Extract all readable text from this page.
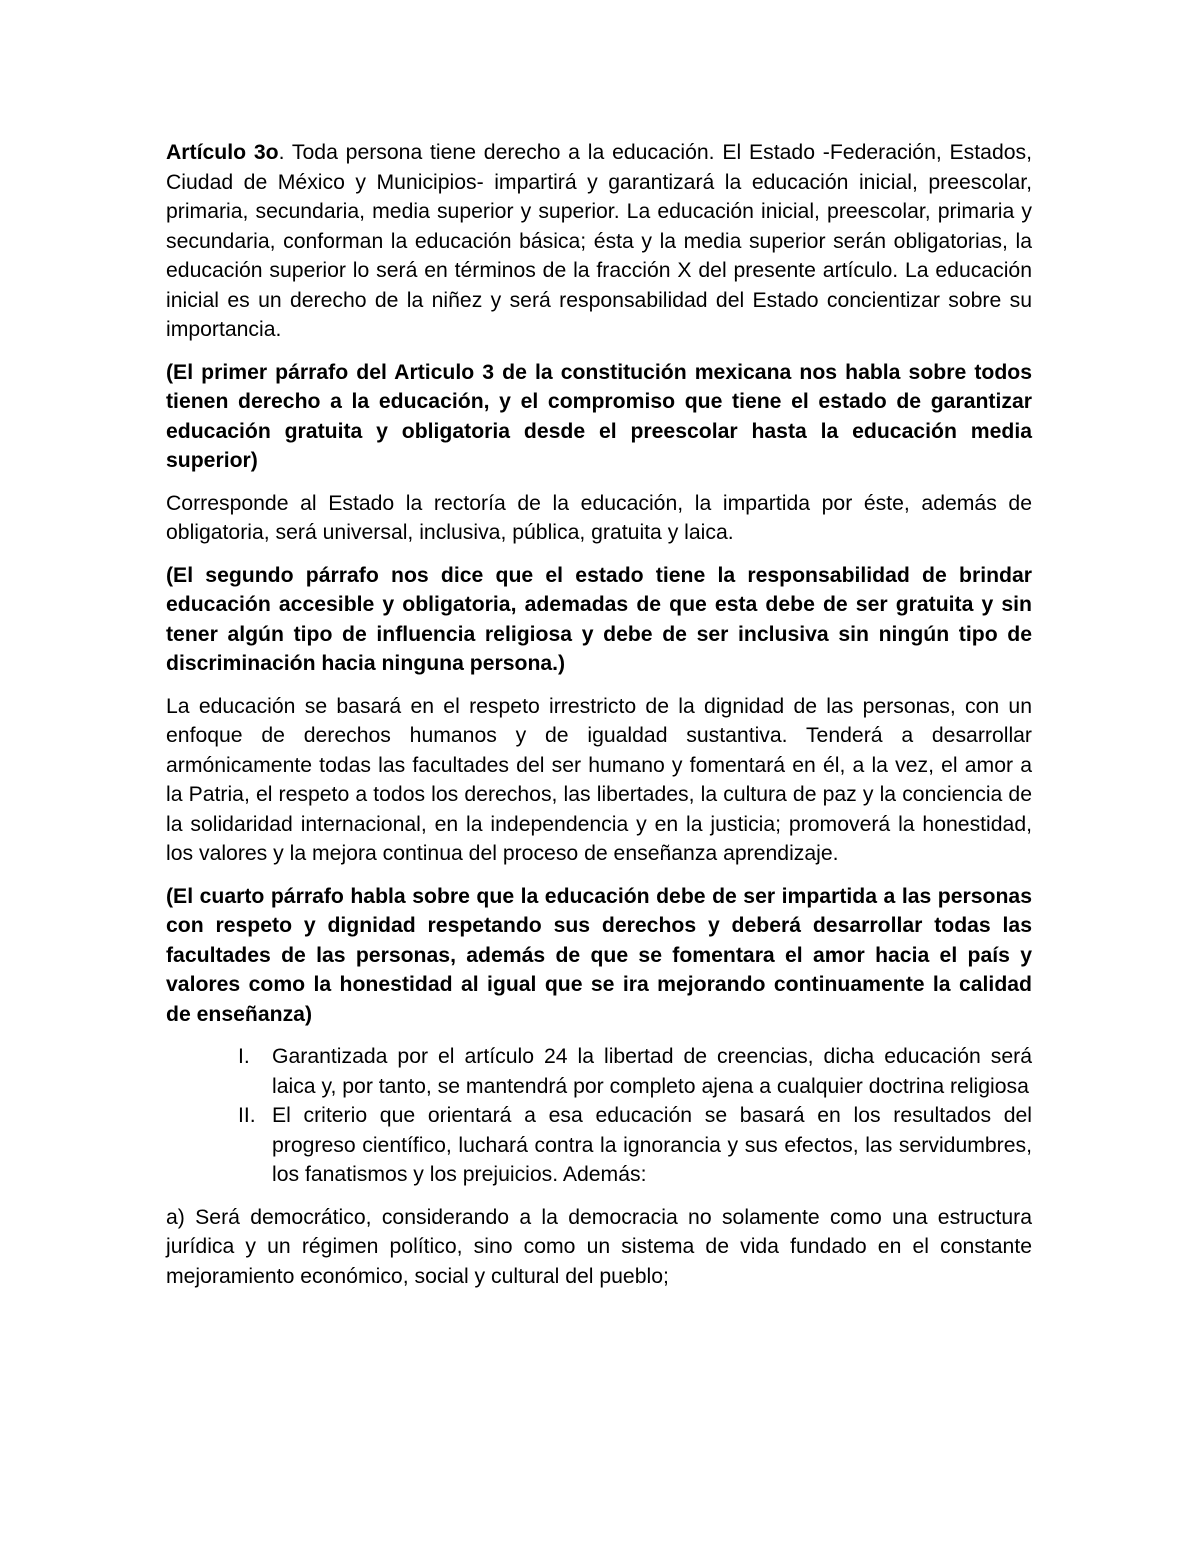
Artículo 3o. Toda persona tiene derecho a la educación. El Estado -Federación, Estados, Ciudad de México y Municipios- impartirá y garantizará la educación inicial, preescolar, primaria, secundaria, media superior y superior. La educación inicial, preescolar, primaria y secundaria, conforman la educación básica; ésta y la media superior serán obligatorias, la educación superior lo será en términos de la fracción X del presente artículo. La educación inicial es un derecho de la niñez y será responsabilidad del Estado concientizar sobre su importancia.

(El primer párrafo del Articulo 3 de la constitución mexicana nos habla sobre todos tienen derecho a la educación, y el compromiso que tiene el estado de garantizar educación gratuita y obligatoria desde el preescolar hasta la educación media superior)

Corresponde al Estado la rectoría de la educación, la impartida por éste, además de obligatoria, será universal, inclusiva, pública, gratuita y laica.

(El segundo párrafo nos dice que el estado tiene la responsabilidad de brindar educación accesible y obligatoria, ademadas de que esta debe de ser gratuita y sin tener algún tipo de influencia religiosa y debe de ser inclusiva sin ningún tipo de discriminación hacia ninguna persona.)

La educación se basará en el respeto irrestricto de la dignidad de las personas, con un enfoque de derechos humanos y de igualdad sustantiva. Tenderá a desarrollar armónicamente todas las facultades del ser humano y fomentará en él, a la vez, el amor a la Patria, el respeto a todos los derechos, las libertades, la cultura de paz y la conciencia de la solidaridad internacional, en la independencia y en la justicia; promoverá la honestidad, los valores y la mejora continua del proceso de enseñanza aprendizaje.

(El cuarto párrafo habla sobre que la educación debe de ser impartida a las personas con respeto y dignidad respetando sus derechos y deberá desarrollar todas las facultades de las personas, además de que se fomentara el amor hacia el país y valores como la honestidad al igual que se ira mejorando continuamente la calidad de enseñanza)

I.	Garantizada por el artículo 24 la libertad de creencias, dicha educación será laica y, por tanto, se mantendrá por completo ajena a cualquier doctrina religiosa
II. El criterio que orientará a esa educación se basará en los resultados del progreso científico, luchará contra la ignorancia y sus efectos, las servidumbres, los fanatismos y los prejuicios. Además:

a) Será democrático, considerando a la democracia no solamente como una estructura jurídica y un régimen político, sino como un sistema de vida fundado en el constante mejoramiento económico, social y cultural del pueblo;
